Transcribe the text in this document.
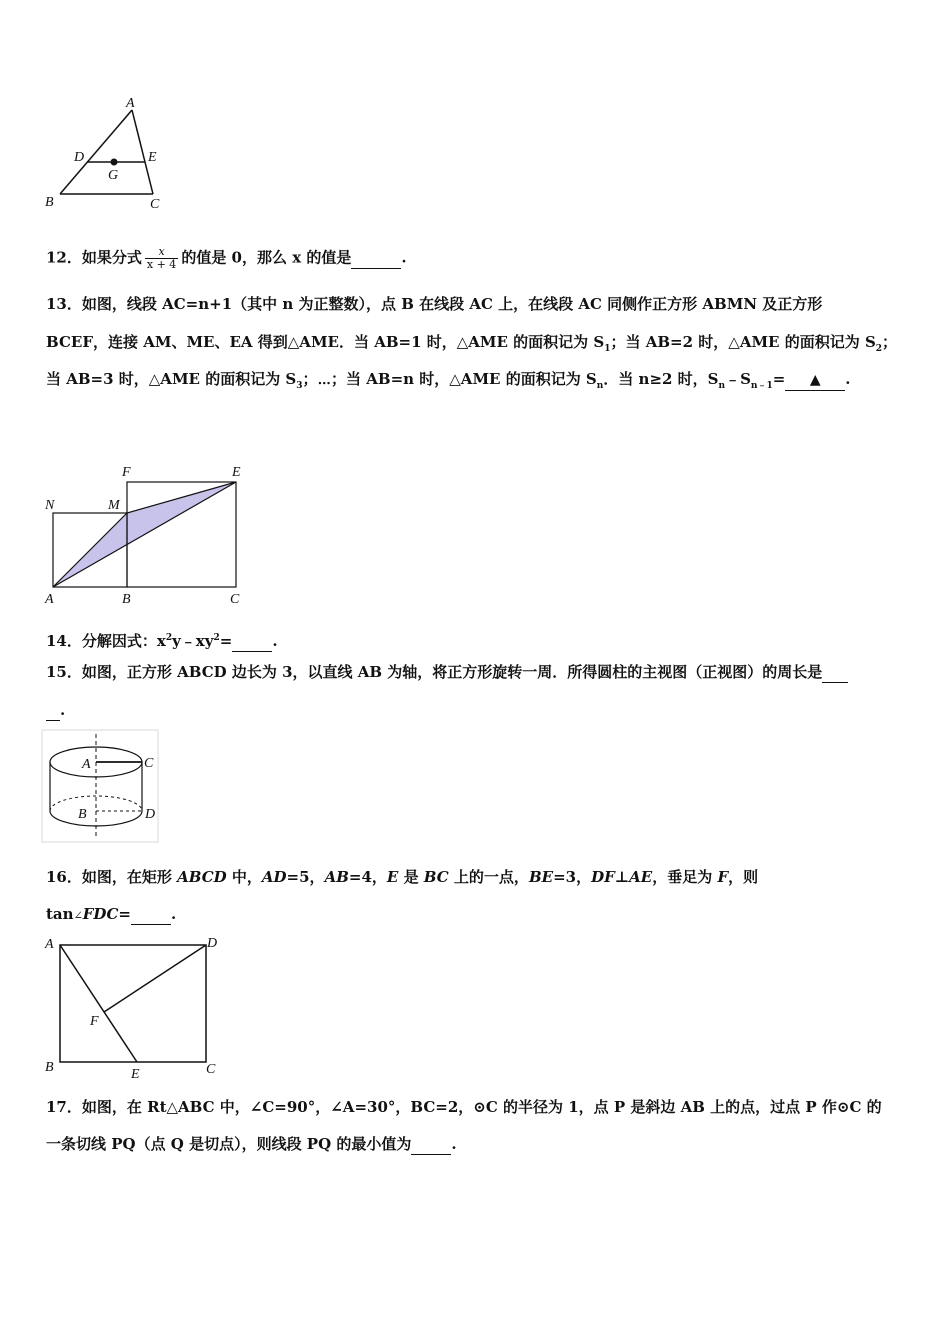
A
D	E
G
B	C
12．如果分式 $\frac{x}{x + 4}$ 的值是 0，那么 x 的值是	.
13．如图，线段 AC=n+1（其中 n 为正整数），点 B 在线段 AC 上，在线段 AC 同侧作正方形 ABMN 及正方形
BCEF，连接 AM、ME、EA 得到△AME．当 AB=1 时，△AME 的面积记为 $S_1$；当 AB=2 时，△AME 的面积记为 $S_2$；
当 AB=3 时，△AME 的面积记为 $S_3$；⋯；当 AB=n 时，△AME 的面积记为 $S_n$．当 n≥2 时，$S_n﹣S_{n﹣1}=$ ▲ .
F	E
N	M
A	B	C
14．分解因式：$x^2y﹣xy^2=$	.
15．如图，正方形 ABCD 边长为 3，以直线 AB 为轴，将正方形旋转一周．所得圆柱的主视图（正视图）的周长是
.
A	C
B	D
16．如图，在矩形 ABCD 中，AD=5，AB=4，E 是 BC 上的一点，BE=3，DF⊥AE，垂足为 F，则
tan∠FDC=	.
A	D
F
B	E	C
17．如图，在 Rt△ABC 中，∠C=90°，∠A=30°，BC=2，⊙C 的半径为 1，点 P 是斜边 AB 上的点，过点 P 作⊙C 的
一条切线 PQ（点 Q 是切点），则线段 PQ 的最小值为	.
